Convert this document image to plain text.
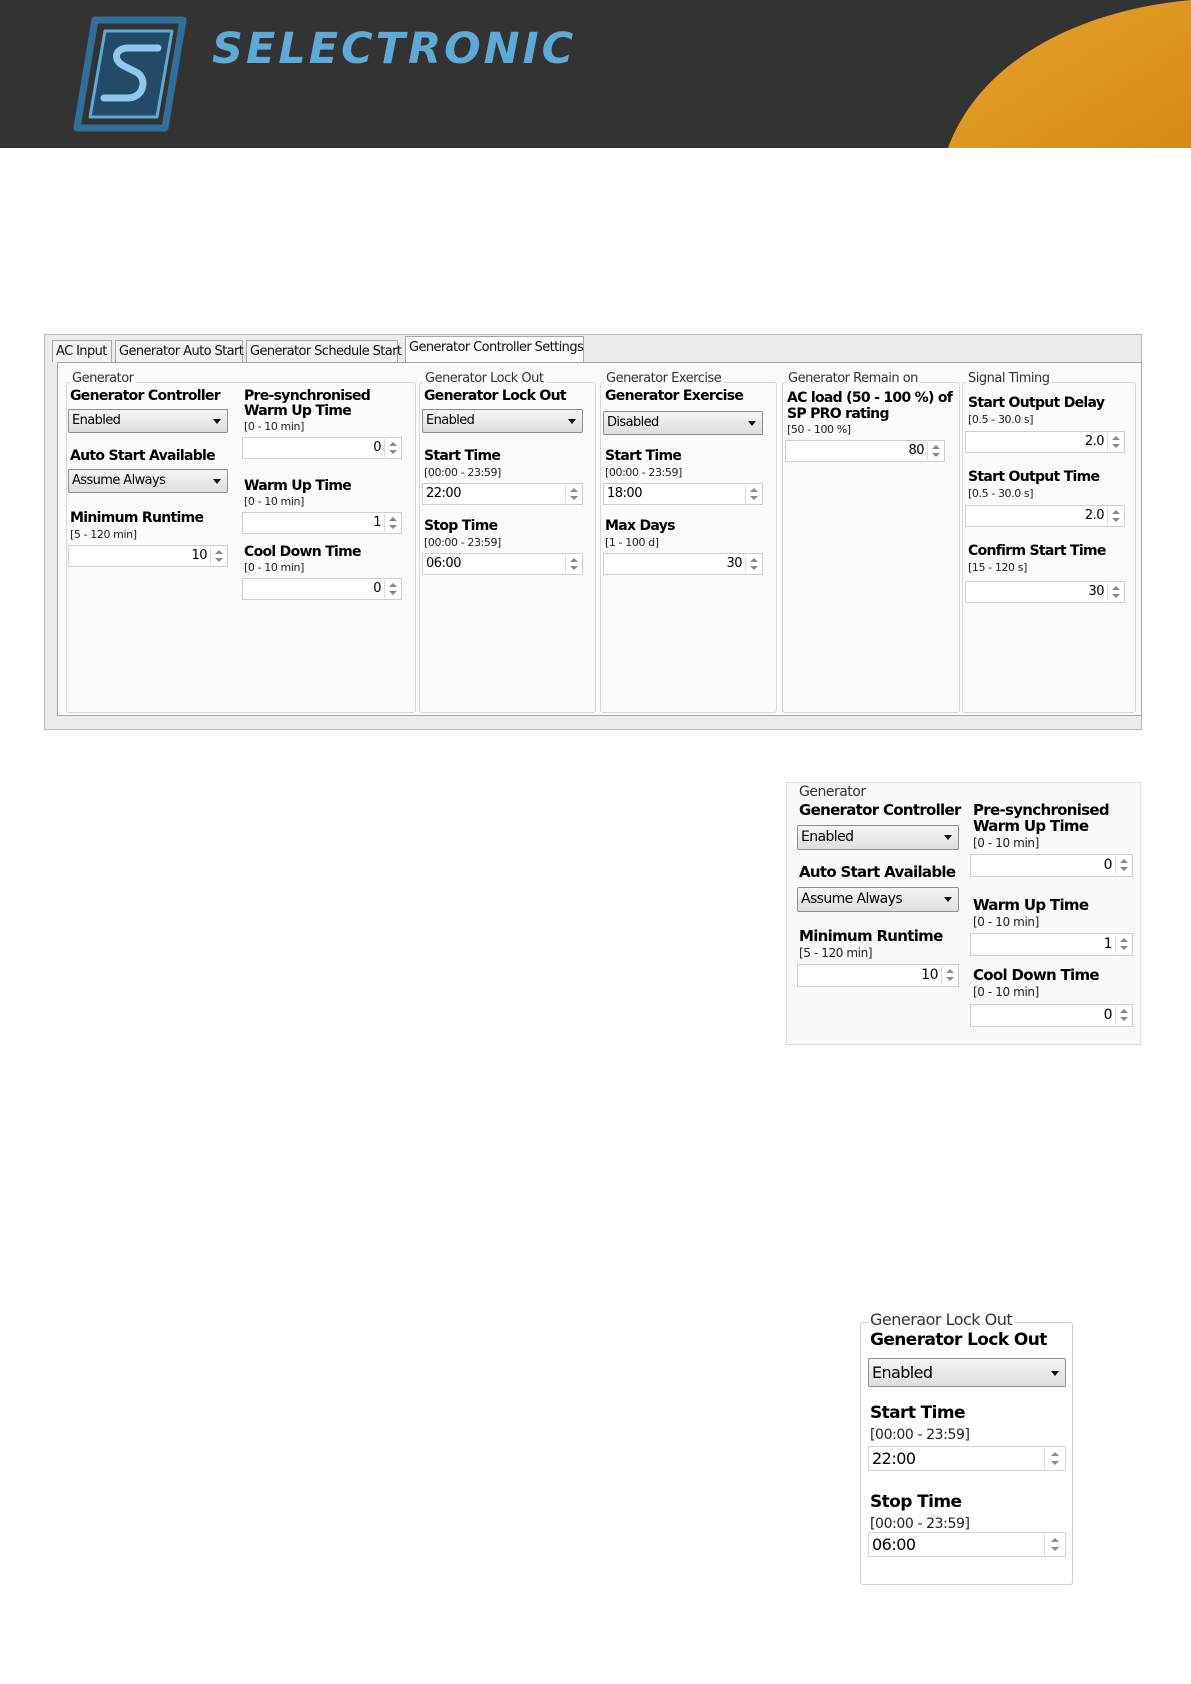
SELECTRONIC
AC Input Generator Auto Start Generator Schedule Start Generator Controller Settings
Generator
Generator Controller
Enabled
Auto Start Available
Assume Always
Minimum Runtime
[5 - 120 min]
10
Pre-synchronised
Warm Up Time
[0 - 10 min]
0
Warm Up Time
[0 - 10 min]
1
Cool Down Time
[0 - 10 min]
0
Generator Lock Out
Generator Lock Out
Enabled
Start Time
[00:00 - 23:59]
22:00
Stop Time
[00:00 - 23:59]
06:00
Generator Exercise
Generator Exercise
Disabled
Start Time
[00:00 - 23:59]
18:00
Max Days
[1 - 100 d]
30
Generator Remain on
AC load (50 - 100 %) of
SP PRO rating
[50 - 100 %]
80
Signal Timing
Start Output Delay
[0.5 - 30.0 s]
2.0
Start Output Time
[0.5 - 30.0 s]
2.0
Confirm Start Time
[15 - 120 s]
30
Generator
Generator Controller
Enabled
Auto Start Available
Assume Always
Minimum Runtime
[5 - 120 min]
10
Pre-synchronised
Warm Up Time
[0 - 10 min]
0
Warm Up Time
[0 - 10 min]
1
Cool Down Time
[0 - 10 min]
0
Generaor Lock Out
Generator Lock Out
Enabled
Start Time
[00:00 - 23:59]
22:00
Stop Time
[00:00 - 23:59]
06:00
